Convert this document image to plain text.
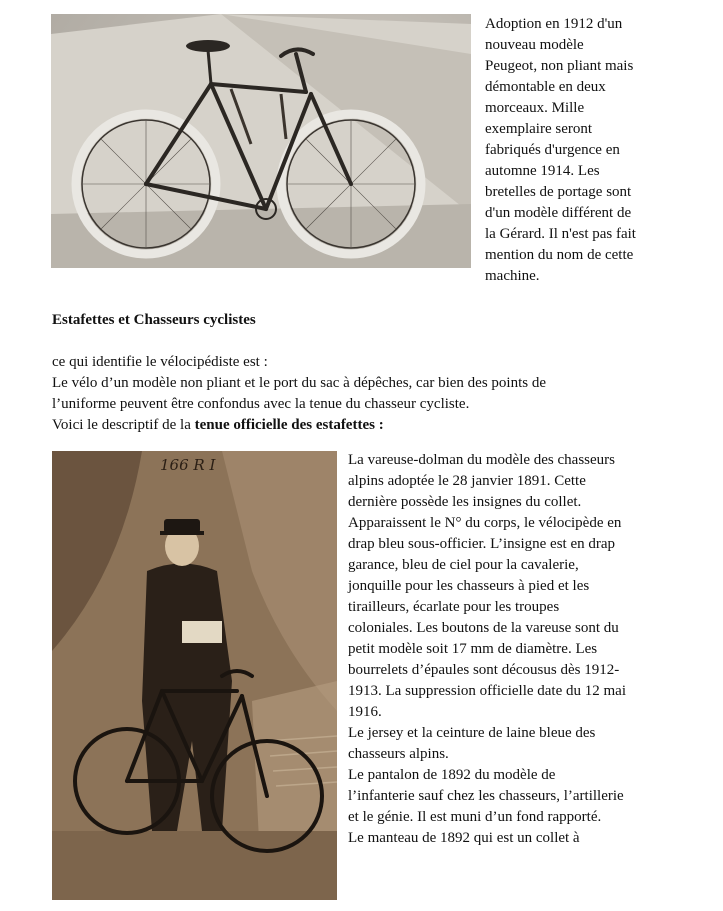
Adoption en 1912 d'un
nouveau modèle
Peugeot, non pliant mais
démontable en deux
morceaux. Mille
exemplaire seront
fabriqués d'urgence en
automne 1914. Les
bretelles de portage sont
d'un modèle différent de
la Gérard. Il n'est pas fait
mention du nom de cette
machine.
Estafettes et Chasseurs cyclistes
ce qui identifie le vélocipédiste est :
Le vélo d’un modèle non pliant et le port du sac à dépêches, car bien des points de
l’uniforme peuvent être confondus avec la tenue du chasseur cycliste.
Voici le descriptif de la tenue officielle des estafettes :
166 R I	La vareuse-dolman du modèle des chasseurs
alpins adoptée le 28 janvier 1891. Cette
dernière possède les insignes du collet.
Apparaissent le N° du corps, le vélocipède en
drap bleu sous-officier. L’insigne est en drap
garance, bleu de ciel pour la cavalerie,
jonquille pour les chasseurs à pied et les
tirailleurs, écarlate pour les troupes
coloniales. Les boutons de la vareuse sont du
petit modèle soit 17 mm de diamètre. Les
bourrelets d’épaules sont décousus dès 1912-
1913. La suppression officielle date du 12 mai
1916.
Le jersey et la ceinture de laine bleue des
chasseurs alpins.
Le pantalon de 1892 du modèle de
l’infanterie sauf chez les chasseurs, l’artillerie
et le génie. Il est muni d’un fond rapporté.
Le manteau de 1892 qui est un collet à
